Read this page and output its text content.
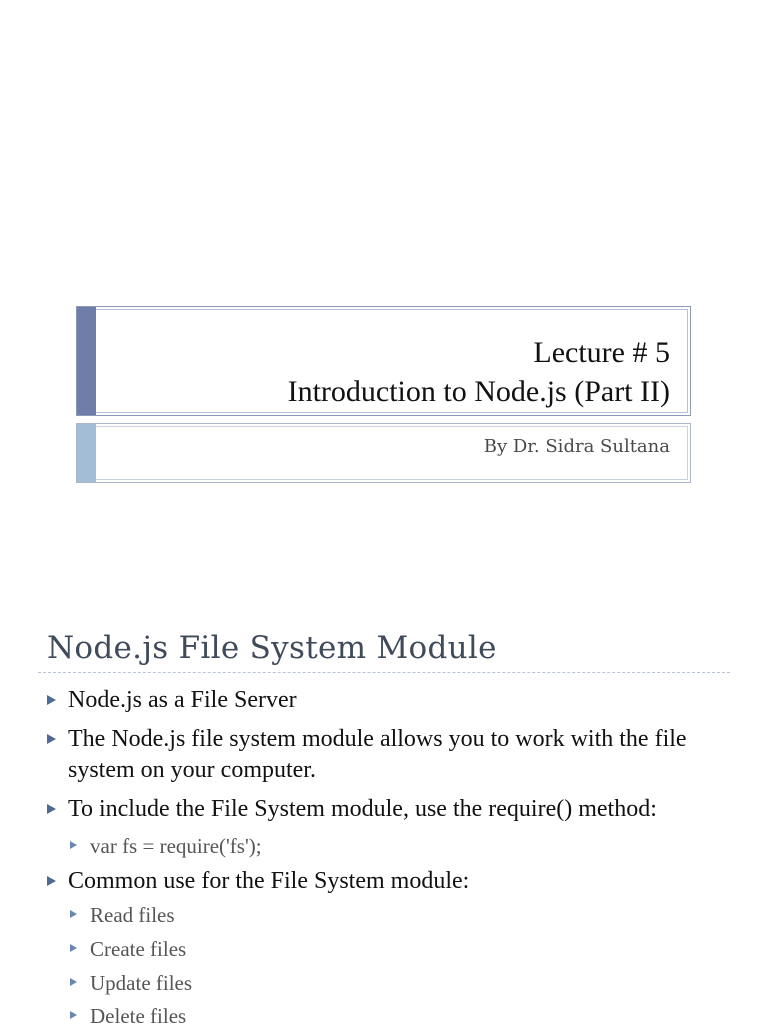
Lecture # 5
Introduction to Node.js (Part II)
By Dr. Sidra Sultana
Node.js File System Module
Node.js as a File Server
The Node.js file system module allows you to work with the file system on your computer.
To include the File System module, use the require() method:
var fs = require('fs');
Common use for the File System module:
Read files
Create files
Update files
Delete files
